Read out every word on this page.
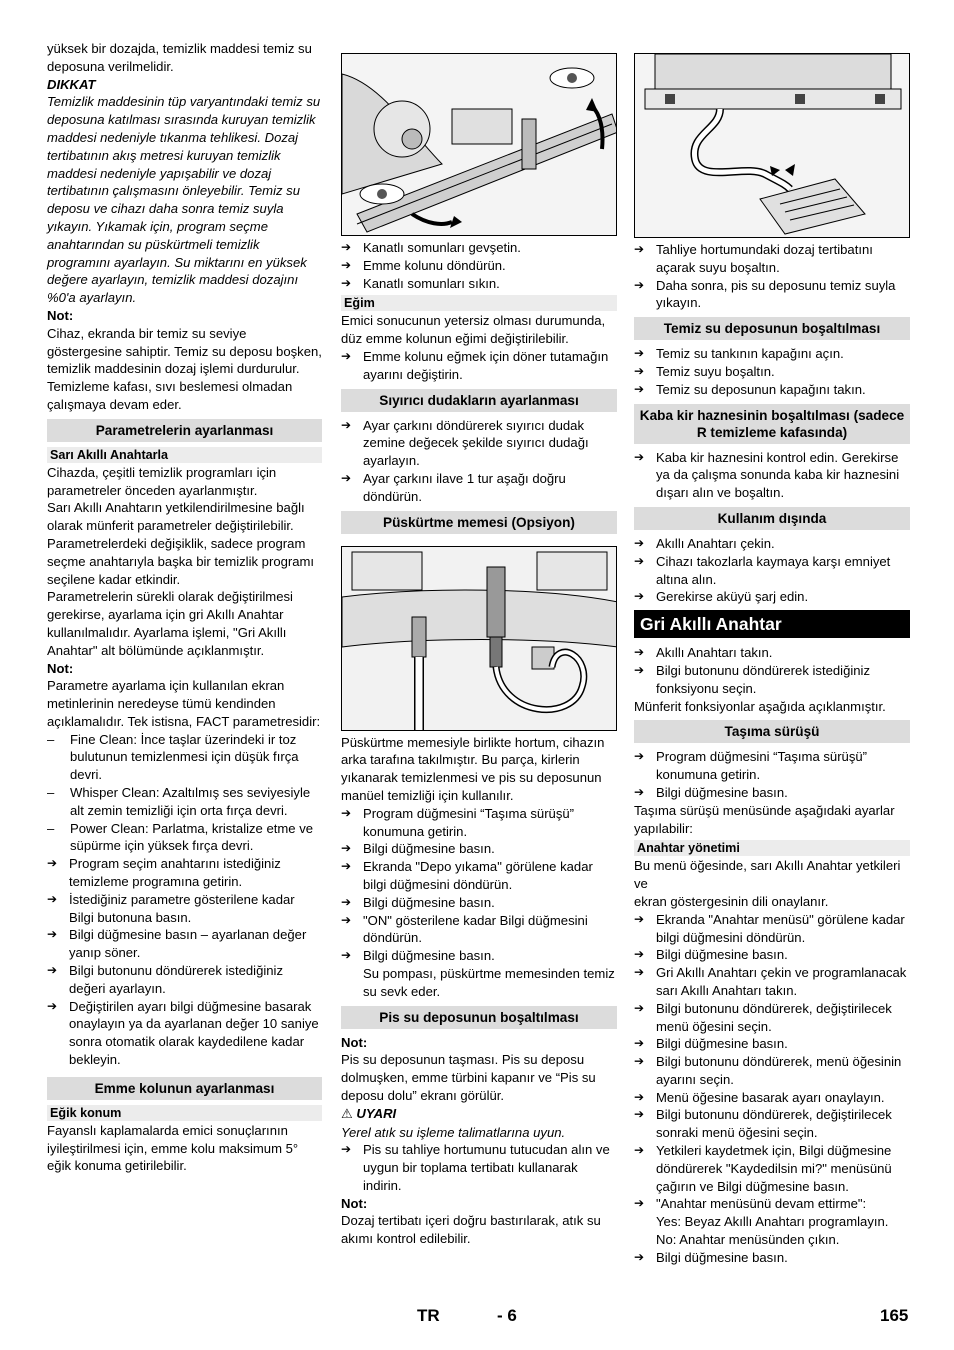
yüksek bir dozajda, temizlik maddesi temiz su deposuna verilmelidir.

DIKKAT

Temizlik maddesinin tüp varyantındaki temiz su deposuna katılması sırasında kuruyan temizlik maddesi nedeniyle tıkanma tehlikesi. Dozaj tertibatının akış metresi kuruyan temizlik maddesi nedeniyle yapışabilir ve dozaj tertibatının çalışmasını önleyebilir. Temiz su deposu ve cihazı daha sonra temiz suyla yıkayın. Yıkamak için, program seçme anahtarından su püskürtmeli temizlik programını ayarlayın. Su miktarını en yüksek değere ayarlayın, temizlik maddesi dozajını %0'a ayarlayın.

Not:

Cihaz, ekranda bir temiz su seviye göstergesine sahiptir. Temiz su deposu boşken, temizlik maddesinin dozaj işlemi durdurulur. Temizleme kafası, sıvı beslemesi olmadan çalışmaya devam eder.

Parametrelerin ayarlanması
Sarı Akıllı Anahtarla

Cihazda, çeşitli temizlik programları için parametreler önceden ayarlanmıştır.

Sarı Akıllı Anahtarın yetkilendirilmesine bağlı olarak münferit parametreler değiştirilebilir.

Parametrelerdeki değişiklik, sadece program seçme anahtarıyla başka bir temizlik programı seçilene kadar etkindir.

Parametrelerin sürekli olarak değiştirilmesi gerekirse, ayarlama için gri Akıllı Anahtar kullanılmalıdır. Ayarlama işlemi, "Gri Akıllı Anahtar" alt bölümünde açıklanmıştır.

Not:

Parametre ayarlama için kullanılan ekran metinlerinin neredeyse tümü kendinden açıklamalıdır. Tek istisna, FACT parametresidir:

– Fine Clean: İnce taşlar üzerindeki ir toz bulutunun temizlenmesi için düşük fırça devri.

– Whisper Clean: Azaltılmış ses seviyesiyle alt zemin temizliği için orta fırça devri.

– Power Clean: Parlatma, kristalize etme ve süpürme için yüksek fırça devri.

➔ Program seçim anahtarını istediğiniz temizleme programına getirin.

➔ İstediğiniz parametre gösterilene kadar Bilgi butonuna basın.

➔ Bilgi düğmesine basın – ayarlanan değer yanıp söner.

➔ Bilgi butonunu döndürerek istediğiniz değeri ayarlayın.

➔ Değiştirilen ayarı bilgi düğmesine basarak onaylayın ya da ayarlanan değer 10 saniye sonra otomatik olarak kaydedilene kadar bekleyin.

Emme kolunun ayarlanması
Eğik konum

Fayanslı kaplamalarda emici sonuçlarının iyileştirilmesi için, emme kolu maksimum 5° eğik konuma getirilebilir.

➔ Kanatlı somunları gevşetin.

➔ Emme kolunu döndürün.

➔ Kanatlı somunları sıkın.

Eğim

Emici sonucunun yetersiz olması durumunda, düz emme kolunun eğimi değiştirilebilir.

➔ Emme kolunu eğmek için döner tutamağın ayarını değiştirin.

Sıyırıcı dudakların ayarlanması

➔ Ayar çarkını döndürerek sıyırıcı dudak zemine değecek şekilde sıyırıcı dudağı ayarlayın.

➔ Ayar çarkını ilave 1 tur aşağı doğru döndürün.

Püskürtme memesi (Opsiyon)

Püskürtme memesiyle birlikte hortum, cihazın arka tarafına takılmıştır. Bu parça, kirlerin yıkanarak temizlenmesi ve pis su deposunun manüel temizliği için kullanılır.

➔ Program düğmesini “Taşıma sürüşü” konumuna getirin.

➔ Bilgi düğmesine basın.

➔ Ekranda "Depo yıkama" görülene kadar bilgi düğmesini döndürün.

➔ Bilgi düğmesine basın.

➔ "ON" gösterilene kadar Bilgi düğmesini döndürün.

➔ Bilgi düğmesine basın.

Su pompası, püskürtme memesinden temiz su sevk eder.

Pis su deposunun boşaltılması

Not:

Pis su deposunun taşması. Pis su deposu dolmuşken, emme türbini kapanır ve “Pis su deposu dolu” ekranı görülür.

⚠ UYARI

Yerel atık su işleme talimatlarına uyun.

➔ Pis su tahliye hortumunu tutucudan alın ve uygun bir toplama tertibatı kullanarak indirin.

Not:

Dozaj tertibatı içeri doğru bastırılarak, atık su akımı kontrol edilebilir.

➔ Tahliye hortumundaki dozaj tertibatını açarak suyu boşaltın.

➔ Daha sonra, pis su deposunu temiz suyla yıkayın.

Temiz su deposunun boşaltılması

➔ Temiz su tankının kapağını açın.

➔ Temiz suyu boşaltın.

➔ Temiz su deposunun kapağını takın.

Kaba kir haznesinin boşaltılması (sadece R temizleme kafasında)

➔ Kaba kir haznesini kontrol edin. Gerekirse ya da çalışma sonunda kaba kir haznesini dışarı alın ve boşaltın.

Kullanım dışında

➔ Akıllı Anahtarı çekin.

➔ Cihazı takozlarla kaymaya karşı emniyet altına alın.

➔ Gerekirse aküyü şarj edin.

Gri Akıllı Anahtar

➔ Akıllı Anahtarı takın.

➔ Bilgi butonunu döndürerek istediğiniz fonksiyonu seçin.

Münferit fonksiyonlar aşağıda açıklanmıştır.

Taşıma sürüşü

➔ Program düğmesini “Taşıma sürüşü” konumuna getirin.

➔ Bilgi düğmesine basın.

Taşıma sürüşü menüsünde aşağıdaki ayarlar yapılabilir:

Anahtar yönetimi

Bu menü öğesinde, sarı Akıllı Anahtar yetkileri ve

ekran göstergesinin dili onaylanır.

➔ Ekranda "Anahtar menüsü" görülene kadar bilgi düğmesini döndürün.

➔ Bilgi düğmesine basın.

➔ Gri Akıllı Anahtarı çekin ve programlanacak sarı Akıllı Anahtarı takın.

➔ Bilgi butonunu döndürerek, değiştirilecek menü öğesini seçin.

➔ Bilgi düğmesine basın.

➔ Bilgi butonunu döndürerek, menü öğesinin ayarını seçin.

➔ Menü öğesine basarak ayarı onaylayın.

➔ Bilgi butonunu döndürerek, değiştirilecek sonraki menü öğesini seçin.

➔ Yetkileri kaydetmek için, Bilgi düğmesine döndürerek "Kaydedilsin mi?" menüsünü çağırın ve Bilgi düğmesine basın.

➔ "Anahtar menüsünü devam ettirme":

Yes: Beyaz Akıllı Anahtarı programlayın.

No: Anahtar menüsünden çıkın.

➔ Bilgi düğmesine basın.

TR	- 6	165
